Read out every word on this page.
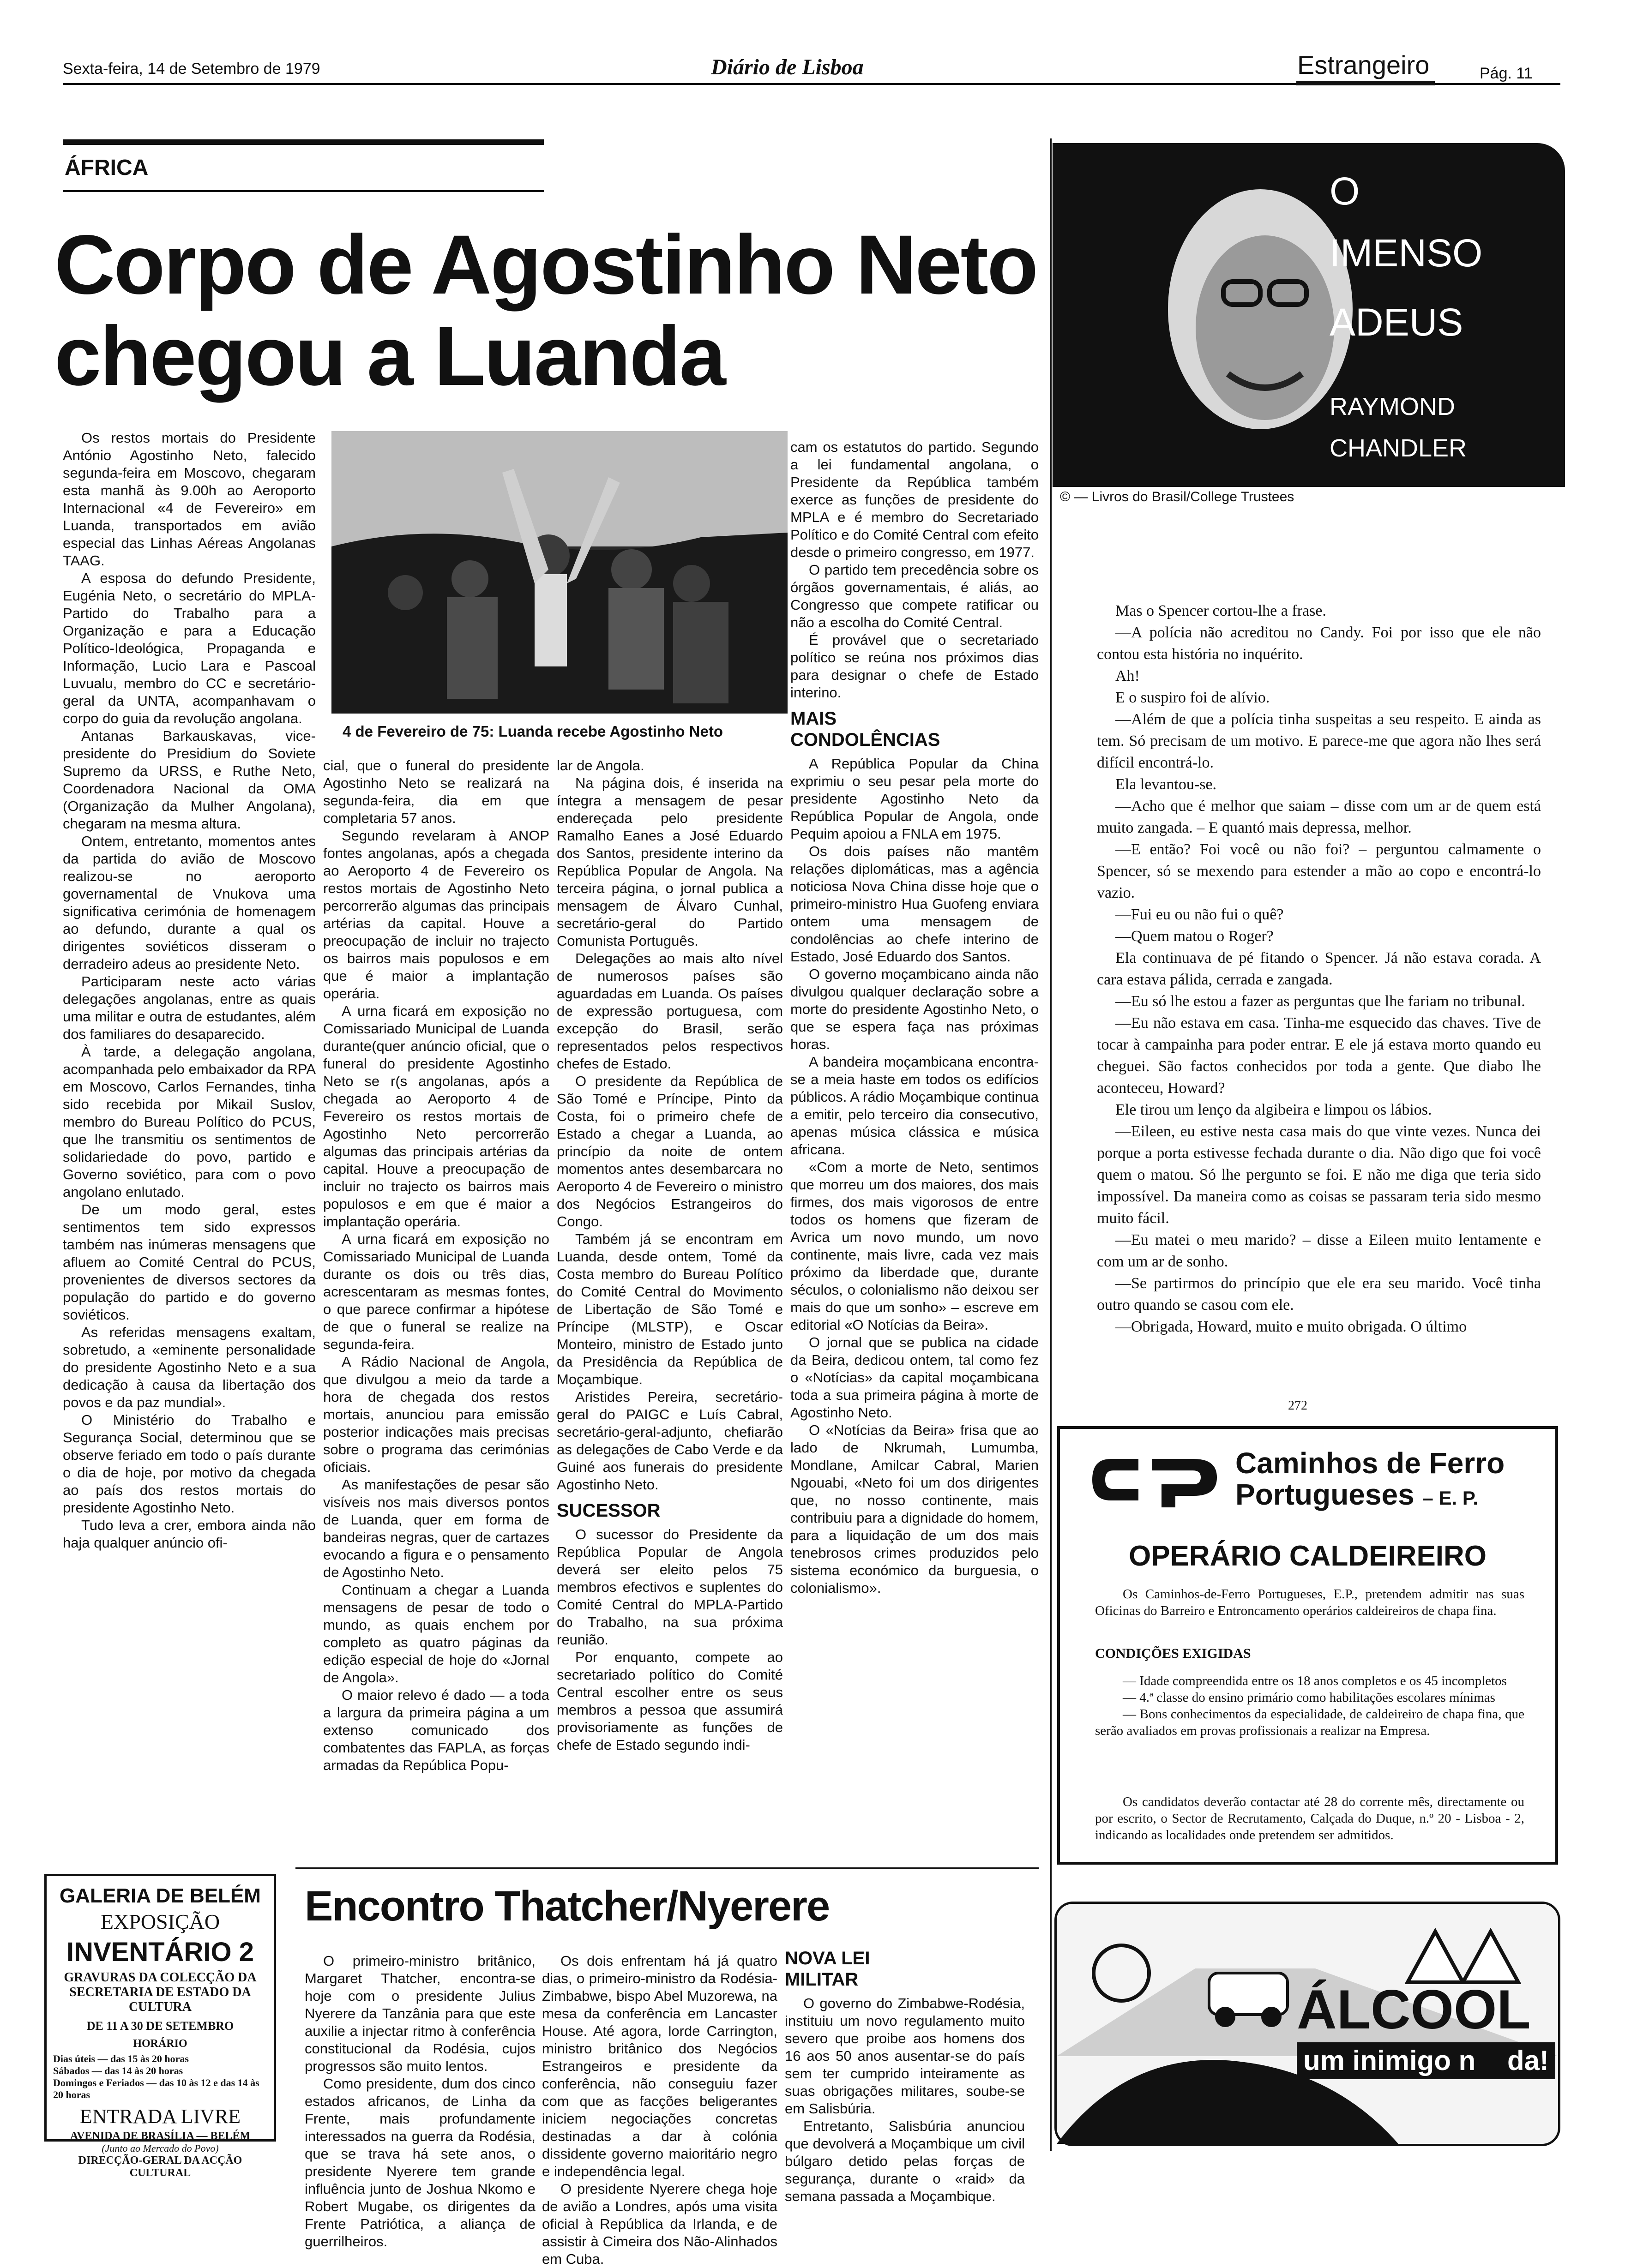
Sexta-feira, 14 de Setembro de 1979	Diário de Lisboa	Estrangeiro	Pág. 11
ÁFRICA
Corpo de Agostinho Neto
chegou a Luanda
4 de Fevereiro de 75: Luanda recebe Agostinho Neto

Os restos mortais do Presidente António Agostinho Neto, falecido segunda-feira em Moscovo, chegaram esta manhã às 9.00h ao Aeroporto Internacional «4 de Fevereiro» em Luanda, transportados em avião especial das Linhas Aéreas Angolanas TAAG.

A esposa do defundo Presidente, Eugénia Neto, o secretário do MPLA-Partido do Trabalho para a Organização e para a Educação Político-Ideológica, Propaganda e Informação, Lucio Lara e Pascoal Luvualu, membro do CC e secretário-geral da UNTA, acompanhavam o corpo do guia da revolução angolana.

Antanas Barkauskavas, vice-presidente do Presidium do Soviete Supremo da URSS, e Ruthe Neto, Coordenadora Nacional da OMA (Organização da Mulher Angolana), chegaram na mesma altura.

Ontem, entretanto, momentos antes da partida do avião de Moscovo realizou-se no aeroporto governamental de Vnukova uma significativa cerimónia de homenagem ao defundo, durante a qual os dirigentes soviéticos disseram o derradeiro adeus ao presidente Neto.

Participaram neste acto várias delegações angolanas, entre as quais uma militar e outra de estudantes, além dos familiares do desaparecido.

À tarde, a delegação angolana, acompanhada pelo embaixador da RPA em Moscovo, Carlos Fernandes, tinha sido recebida por Mikail Suslov, membro do Bureau Político do PCUS, que lhe transmitiu os sentimentos de solidariedade do povo, partido e Governo soviético, para com o povo angolano enlutado.

De um modo geral, estes sentimentos tem sido expressos também nas inúmeras mensagens que afluem ao Comité Central do PCUS, provenientes de diversos sectores da população do partido e do governo soviéticos.

As referidas mensagens exaltam, sobretudo, a «eminente personalidade do presidente Agostinho Neto e a sua dedicação à causa da libertação dos povos e da paz mundial».

O Ministério do Trabalho e Segurança Social, determinou que se observe feriado em todo o país durante o dia de hoje, por motivo da chegada ao país dos restos mortais do presidente Agostinho Neto.

Tudo leva a crer, embora ainda não haja qualquer anúncio ofi-

cial, que o funeral do presidente Agostinho Neto se realizará na segunda-feira, dia em que completaria 57 anos.

Segundo revelaram à ANOP fontes angolanas, após a chegada ao Aeroporto 4 de Fevereiro os restos mortais de Agostinho Neto percorrerão algumas das principais artérias da capital. Houve a preocupação de incluir no trajecto os bairros mais populosos e em que é maior a implantação operária.

A urna ficará em exposição no Comissariado Municipal de Luanda durante(quer anúncio oficial, que o funeral do presidente Agostinho Neto se r(s angolanas, após a chegada ao Aeroporto 4 de Fevereiro os restos mortais de Agostinho Neto percorrerão algumas das principais artérias da capital. Houve a preocupação de incluir no trajecto os bairros mais populosos e em que é maior a implantação operária.

A urna ficará em exposição no Comissariado Municipal de Luanda durante os dois ou três dias, acrescentaram as mesmas fontes, o que parece confirmar a hipótese de que o funeral se realize na segunda-feira.

A Rádio Nacional de Angola, que divulgou a meio da tarde a hora de chegada dos restos mortais, anunciou para emissão posterior indicações mais precisas sobre o programa das cerimónias oficiais.

As manifestações de pesar são visíveis nos mais diversos pontos de Luanda, quer em forma de bandeiras negras, quer de cartazes evocando a figura e o pensamento de Agostinho Neto.

Continuam a chegar a Luanda mensagens de pesar de todo o mundo, as quais enchem por completo as quatro páginas da edição especial de hoje do «Jornal de Angola».

O maior relevo é dado — a toda a largura da primeira página a um extenso comunicado dos combatentes das FAPLA, as forças armadas da República Popu-

lar de Angola.

Na página dois, é inserida na íntegra a mensagem de pesar endereçada pelo presidente Ramalho Eanes a José Eduardo dos Santos, presidente interino da República Popular de Angola. Na terceira página, o jornal publica a mensagem de Álvaro Cunhal, secretário-geral do Partido Comunista Português.

Delegações ao mais alto nível de numerosos países são aguardadas em Luanda. Os países de expressão portuguesa, com excepção do Brasil, serão representados pelos respectivos chefes de Estado.

O presidente da República de São Tomé e Príncipe, Pinto da Costa, foi o primeiro chefe de Estado a chegar a Luanda, ao princípio da noite de ontem momentos antes desembarcara no Aeroporto 4 de Fevereiro o ministro dos Negócios Estrangeiros do Congo.

Também já se encontram em Luanda, desde ontem, Tomé da Costa membro do Bureau Político do Comité Central do Movimento de Libertação de São Tomé e Príncipe (MLSTP), e Oscar Monteiro, ministro de Estado junto da Presidência da República de Moçambique.

Aristides Pereira, secretário-geral do PAIGC e Luís Cabral, secretário-geral-adjunto, chefiarão as delegações de Cabo Verde e da Guiné aos funerais do presidente Agostinho Neto.

SUCESSOR

O sucessor do Presidente da República Popular de Angola deverá ser eleito pelos 75 membros efectivos e suplentes do Comité Central do MPLA-Partido do Trabalho, na sua próxima reunião.

Por enquanto, compete ao secretariado político do Comité Central escolher entre os seus membros a pessoa que assumirá provisoriamente as funções de chefe de Estado segundo indi-

cam os estatutos do partido. Segundo a lei fundamental angolana, o Presidente da República também exerce as funções de presidente do MPLA e é membro do Secretariado Político e do Comité Central com efeito desde o primeiro congresso, em 1977.

O partido tem precedência sobre os órgãos governamentais, é aliás, ao Congresso que compete ratificar ou não a escolha do Comité Central.

É provável que o secretariado político se reúna nos próximos dias para designar o chefe de Estado interino.

MAIS
CONDOLÊNCIAS

A República Popular da China exprimiu o seu pesar pela morte do presidente Agostinho Neto da República Popular de Angola, onde Pequim apoiou a FNLA em 1975.

Os dois países não mantêm relações diplomáticas, mas a agência noticiosa Nova China disse hoje que o primeiro-ministro Hua Guofeng enviara ontem uma mensagem de condolências ao chefe interino de Estado, José Eduardo dos Santos.

O governo moçambicano ainda não divulgou qualquer declaração sobre a morte do presidente Agostinho Neto, o que se espera faça nas próximas horas.

A bandeira moçambicana encontra-se a meia haste em todos os edifícios públicos. A rádio Moçambique continua a emitir, pelo terceiro dia consecutivo, apenas música clássica e música africana.

«Com a morte de Neto, sentimos que morreu um dos maiores, dos mais firmes, dos mais vigorosos de entre todos os homens que fizeram de Avrica um novo mundo, um novo continente, mais livre, cada vez mais próximo da liberdade que, durante séculos, o colonialismo não deixou ser mais do que um sonho» – escreve em editorial «O Notícias da Beira».

O jornal que se publica na cidade da Beira, dedicou ontem, tal como fez o «Notícias» da capital moçambicana toda a sua primeira página à morte de Agostinho Neto.

O «Notícias da Beira» frisa que ao lado de Nkrumah, Lumumba, Mondlane, Amilcar Cabral, Marien Ngouabi, «Neto foi um dos dirigentes que, no nosso continente, mais contribuiu para a dignidade do homem, para a liquidação de um dos mais tenebrosos crimes produzidos pelo sistema económico da burguesia, o colonialismo».

GALERIA DE BELÉM
EXPOSIÇÃO
INVENTÁRIO 2
GRAVURAS DA COLECÇÃO DA SECRETARIA DE ESTADO DA CULTURA
DE 11 A 30 DE SETEMBRO
HORÁRIO
Dias úteis — das 15 às 20 horas
Sábados — das 14 às 20 horas
Domingos e Feriados — das 10 às 12 e das 14 às 20 horas
ENTRADA LIVRE
AVENIDA DE BRASÍLIA — BELÉM
(Junto ao Mercado do Povo)
DIRECÇÃO-GERAL DA ACÇÃO CULTURAL
Encontro Thatcher/Nyerere

O primeiro-ministro britânico, Margaret Thatcher, encontra-se hoje com o presidente Julius Nyerere da Tanzânia para que este auxilie a injectar ritmo à conferência constitucional da Rodésia, cujos progressos são muito lentos.

Como presidente, dum dos cinco estados africanos, de Linha da Frente, mais profundamente interessados na guerra da Rodésia, que se trava há sete anos, o presidente Nyerere tem grande influência junto de Joshua Nkomo e Robert Mugabe, os dirigentes da Frente Patriótica, a aliança de guerrilheiros.

Os dois enfrentam há já quatro dias, o primeiro-ministro da Rodésia-Zimbabwe, bispo Abel Muzorewa, na mesa da conferência em Lancaster House. Até agora, lorde Carrington, ministro britânico dos Negócios Estrangeiros e presidente da conferência, não conseguiu fazer com que as facções beligerantes iniciem negociações concretas destinadas a dar à colónia dissidente governo maioritário negro e independência legal.

O presidente Nyerere chega hoje de avião a Londres, após uma visita oficial à República da Irlanda, e de assistir à Cimeira dos Não-Alinhados em Cuba.

NOVA LEI
MILITAR

O governo do Zimbabwe-Rodésia, instituiu um novo regulamento muito severo que proibe aos homens dos 16 aos 50 anos ausentar-se do país sem ter cumprido inteiramente as suas obrigações militares, soube-se em Salisbúria.

Entretanto, Salisbúria anunciou que devolverá a Moçambique um civil búlgaro detido pelas forças de segurança, durante o «raid» da semana passada a Moçambique.

O
IMENSO
ADEUS
RAYMOND
CHANDLER
© — Livros do Brasil/College Trustees

Mas o Spencer cortou-lhe a frase.

—A polícia não acreditou no Candy. Foi por isso que ele não contou esta história no inquérito.

Ah!

E o suspiro foi de alívio.

—Além de que a polícia tinha suspeitas a seu respeito. E ainda as tem. Só precisam de um motivo. E parece-me que agora não lhes será difícil encontrá-lo.

Ela levantou-se.

—Acho que é melhor que saiam – disse com um ar de quem está muito zangada. – E quantó mais depressa, melhor.

—E então? Foi você ou não foi? – perguntou calmamente o Spencer, só se mexendo para estender a mão ao copo e encontrá-lo vazio.

—Fui eu ou não fui o quê?

—Quem matou o Roger?

Ela continuava de pé fitando o Spencer. Já não estava corada. A cara estava pálida, cerrada e zangada.

—Eu só lhe estou a fazer as perguntas que lhe fariam no tribunal.

—Eu não estava em casa. Tinha-me esquecido das chaves. Tive de tocar à campainha para poder entrar. E ele já estava morto quando eu cheguei. São factos conhecidos por toda a gente. Que diabo lhe aconteceu, Howard?

Ele tirou um lenço da algibeira e limpou os lábios.

—Eileen, eu estive nesta casa mais do que vinte vezes. Nunca dei porque a porta estivesse fechada durante o dia. Não digo que foi você quem o matou. Só lhe pergunto se foi. E não me diga que teria sido impossível. Da maneira como as coisas se passaram teria sido mesmo muito fácil.

—Eu matei o meu marido? – disse a Eileen muito lentamente e com um ar de sonho.

—Se partirmos do princípio que ele era seu marido. Você tinha outro quando se casou com ele.

—Obrigada, Howard, muito e muito obrigada. O último

272
Caminhos de Ferro
Portugueses – E. P.
OPERÁRIO CALDEIREIRO
Os Caminhos-de-Ferro Portugueses, E.P., pretendem admitir nas suas Oficinas do Barreiro e Entroncamento operários caldeireiros de chapa fina.
CONDIÇÕES EXIGIDAS
— Idade compreendida entre os 18 anos completos e os 45 incompletos
— 4.ª classe do ensino primário como habilitações escolares mínimas
— Bons conhecimentos da especialidade, de caldeireiro de chapa fina, que serão avaliados em provas profissionais a realizar na Empresa.
Os candidatos deverão contactar até 28 do corrente mês, directamente ou por escrito, o Sector de Recrutamento, Calçada do Duque, n.º 20 - Lisboa - 2, indicando as localidades onde pretendem ser admitidos.
ÁLCOOL
um inimigo n da!
